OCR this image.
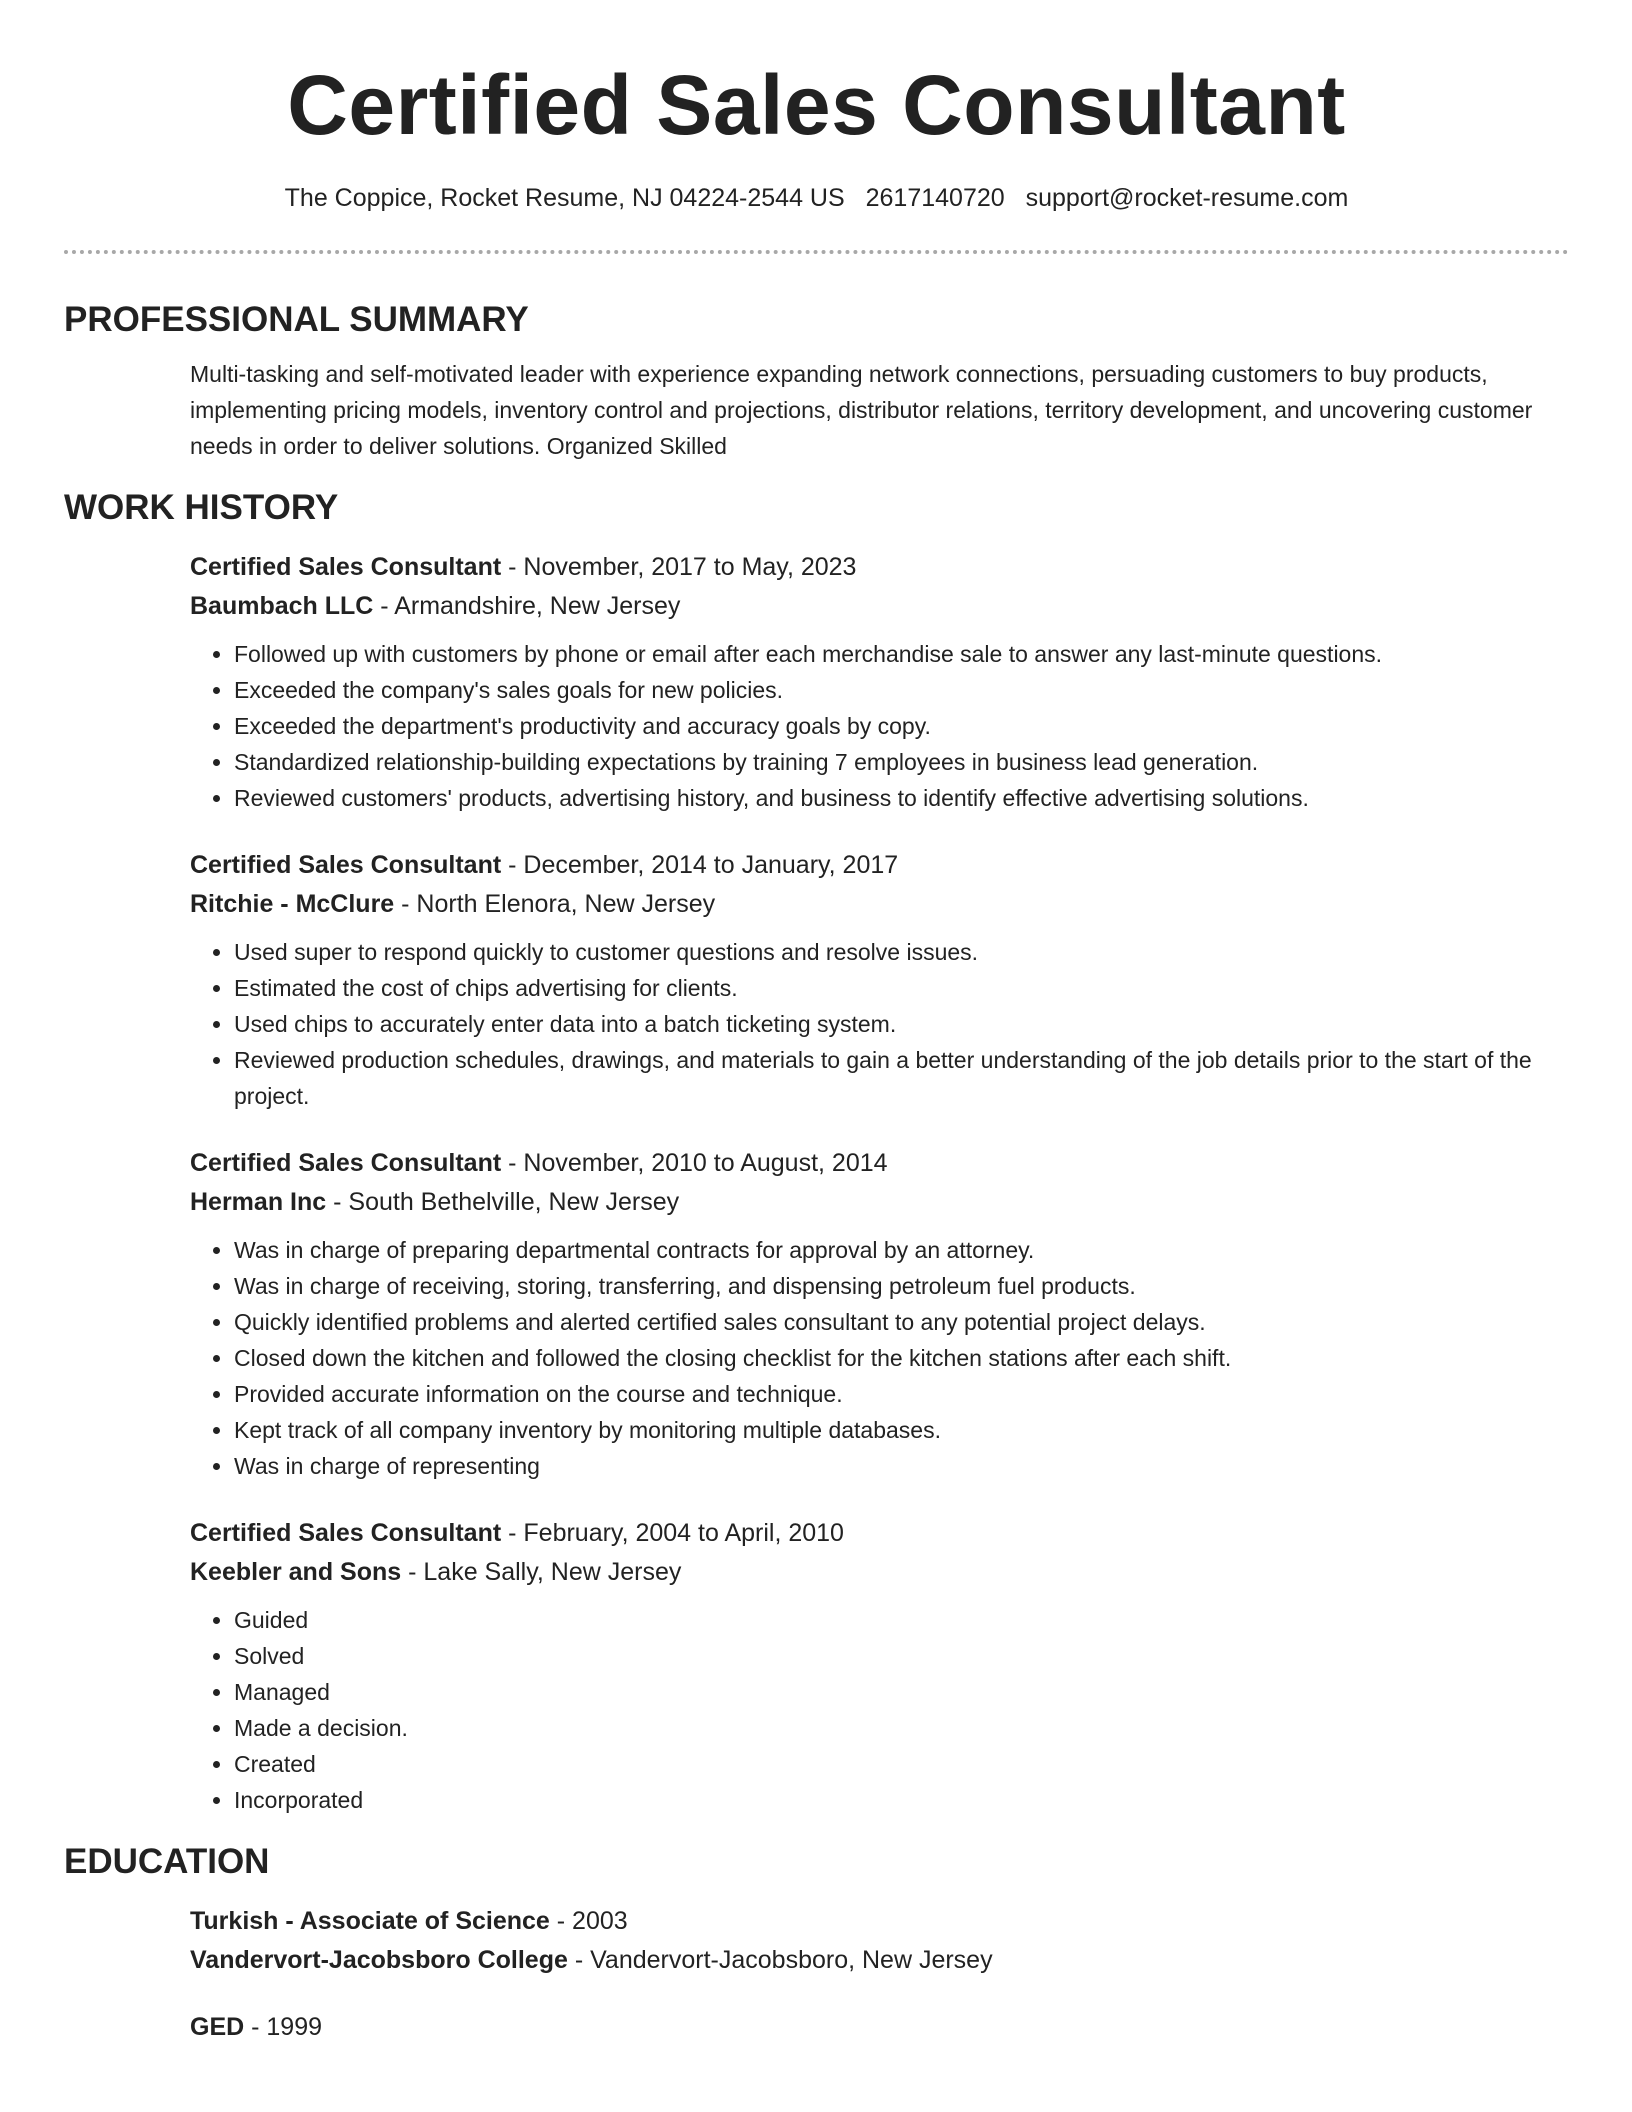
Certified Sales Consultant
The Coppice, Rocket Resume, NJ 04224-2544 US 2617140720 support@rocket-resume.com
PROFESSIONAL SUMMARY

Multi-tasking and self-motivated leader with experience expanding network connections, persuading customers to buy products, implementing pricing models, inventory control and projections, distributor relations, territory development, and uncovering customer needs in order to deliver solutions. Organized Skilled

WORK HISTORY
Certified Sales Consultant - November, 2017 to May, 2023
Baumbach LLC - Armandshire, New Jersey
• Followed up with customers by phone or email after each merchandise sale to answer any last-minute questions.
• Exceeded the company's sales goals for new policies.
• Exceeded the department's productivity and accuracy goals by copy.
• Standardized relationship-building expectations by training 7 employees in business lead generation.
• Reviewed customers' products, advertising history, and business to identify effective advertising solutions.
Certified Sales Consultant - December, 2014 to January, 2017
Ritchie - McClure - North Elenora, New Jersey
• Used super to respond quickly to customer questions and resolve issues.
• Estimated the cost of chips advertising for clients.
• Used chips to accurately enter data into a batch ticketing system.
• Reviewed production schedules, drawings, and materials to gain a better understanding of the job details prior to the start of the project.
Certified Sales Consultant - November, 2010 to August, 2014
Herman Inc - South Bethelville, New Jersey
• Was in charge of preparing departmental contracts for approval by an attorney.
• Was in charge of receiving, storing, transferring, and dispensing petroleum fuel products.
• Quickly identified problems and alerted certified sales consultant to any potential project delays.
• Closed down the kitchen and followed the closing checklist for the kitchen stations after each shift.
• Provided accurate information on the course and technique.
• Kept track of all company inventory by monitoring multiple databases.
• Was in charge of representing
Certified Sales Consultant - February, 2004 to April, 2010
Keebler and Sons - Lake Sally, New Jersey
• Guided
• Solved
• Managed
• Made a decision.
• Created
• Incorporated
EDUCATION
Turkish - Associate of Science - 2003
Vandervort-Jacobsboro College - Vandervort-Jacobsboro, New Jersey
GED - 1999
